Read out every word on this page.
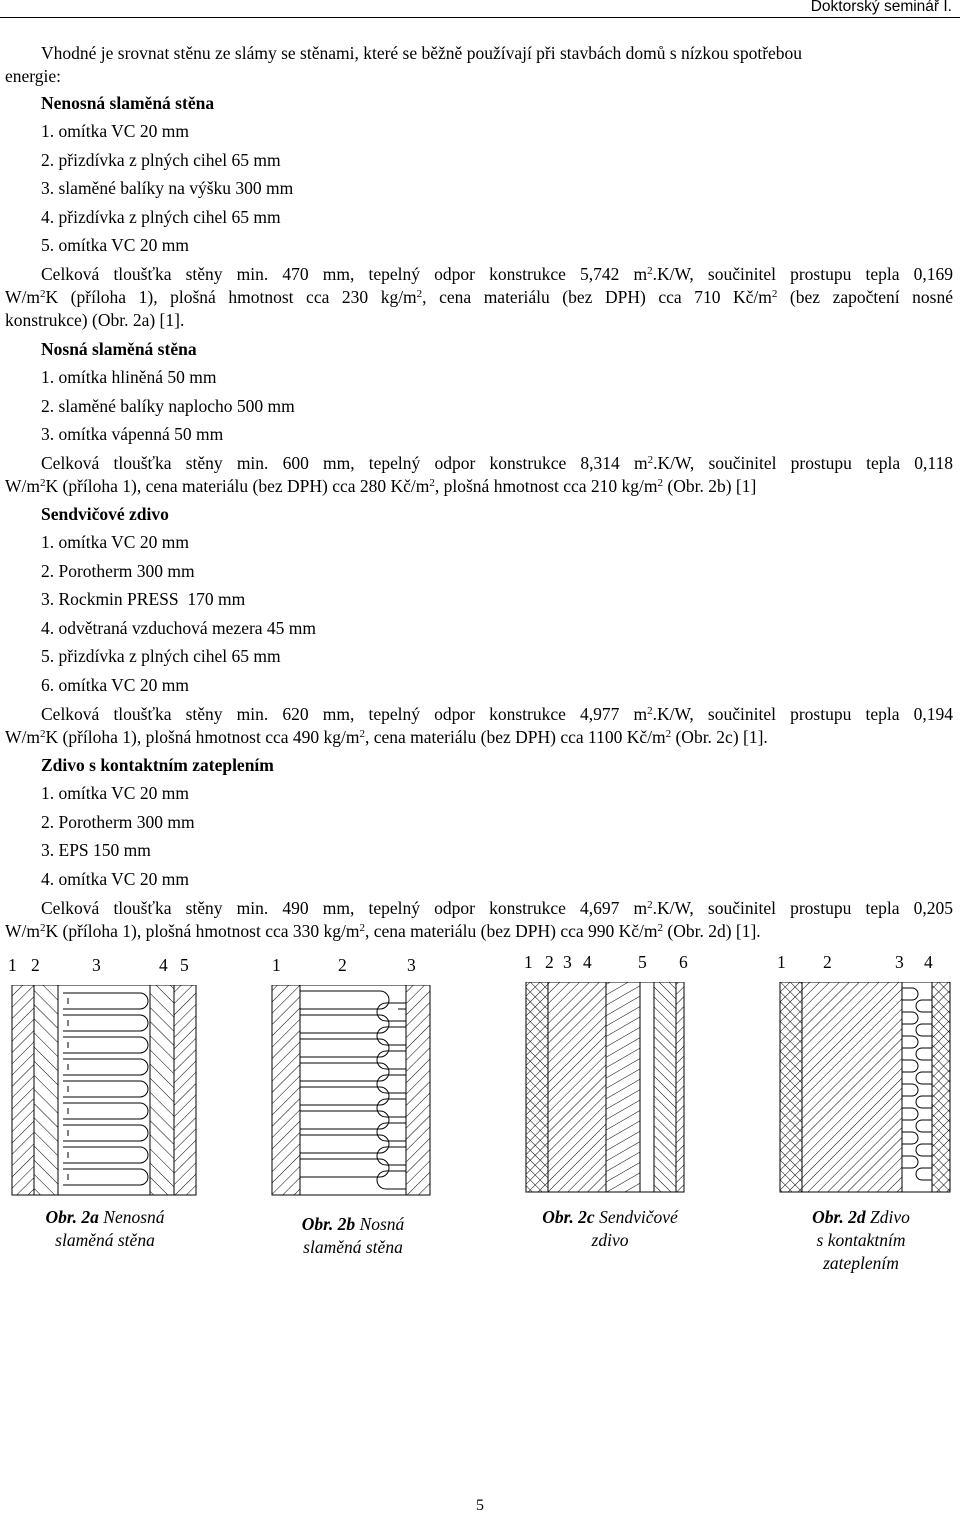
Doktorský seminář I.
Vhodné je srovnat stěnu ze slámy se stěnami, které se běžně používají při stavbách domů s nízkou spotřebou
energie:
Nenosná slaměná stěna
1. omítka VC 20 mm
2. přizdívka z plných cihel 65 mm
3. slaměné balíky na výšku 300 mm
4. přizdívka z plných cihel 65 mm
5. omítka VC 20 mm
Celková tloušťka stěny min. 470 mm, tepelný odpor konstrukce 5,742 $m^2.K/W$, součinitel prostupu tepla 0,169
$W/m^2K$ (příloha 1), plošná hmotnost cca 230 $kg/m^2$, cena materiálu (bez DPH) cca 710 $Kč/m^2$ (bez započtení nosné
konstrukce) (Obr. 2a) [1].
Nosná slaměná stěna
1. omítka hliněná 50 mm
2. slaměné balíky naplocho 500 mm
3. omítka vápenná 50 mm
Celková tloušťka stěny min. 600 mm, tepelný odpor konstrukce 8,314 $m^2.K/W$, součinitel prostupu tepla 0,118
$W/m^2K$ (příloha 1), cena materiálu (bez DPH) cca 280 $Kč/m^2$, plošná hmotnost cca 210 $kg/m^2$ (Obr. 2b) [1]
Sendvičové zdivo
1. omítka VC 20 mm
2. Porotherm 300 mm
3. Rockmin PRESS  170 mm
4. odvětraná vzduchová mezera 45 mm
5. přizdívka z plných cihel 65 mm
6. omítka VC 20 mm
Celková tloušťka stěny min. 620 mm, tepelný odpor konstrukce 4,977 $m^2.K/W$, součinitel prostupu tepla 0,194
$W/m^2K$ (příloha 1), plošná hmotnost cca 490 $kg/m^2$, cena materiálu (bez DPH) cca 1100 $Kč/m^2$ (Obr. 2c) [1].
Zdivo s kontaktním zateplením
1. omítka VC 20 mm
2. Porotherm 300 mm
3. EPS 150 mm
4. omítka VC 20 mm
Celková tloušťka stěny min. 490 mm, tepelný odpor konstrukce 4,697 $m^2.K/W$, součinitel prostupu tepla 0,205
$W/m^2K$ (příloha 1), plošná hmotnost cca 330 $kg/m^2$, cena materiálu (bez DPH) cca 990 $Kč/m^2$ (Obr. 2d) [1].
1 2	3	4 5	1	2	3	1 2 3 4	5 6	1 2	3 4
Obr. 2a Nenosná
slaměná stěna
Obr. 2b Nosná
slaměná stěna
Obr. 2c Sendvičové
zdivo
Obr. 2d Zdivo
s kontaktním
zateplením
5
